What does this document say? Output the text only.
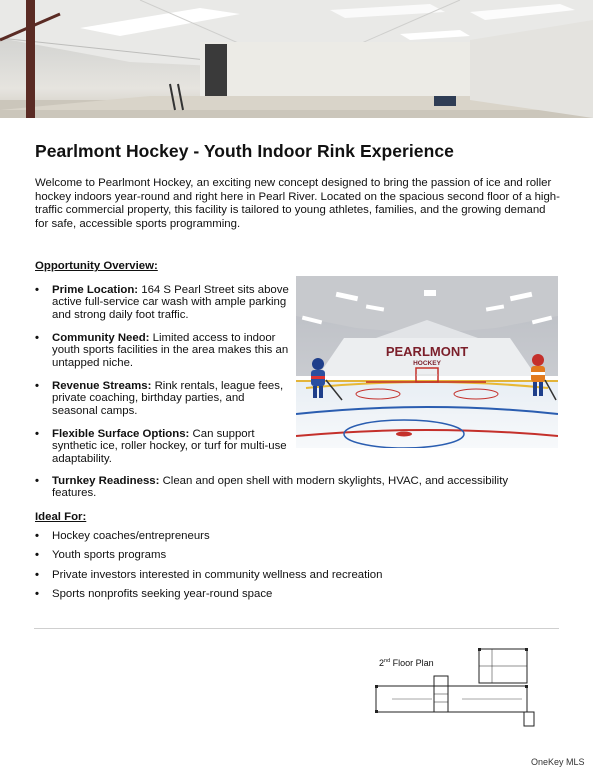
Pearlmont Hockey - Youth Indoor Rink Experience

Welcome to Pearlmont Hockey, an exciting new concept designed to bring the passion of ice and roller hockey indoors year-round and right here in Pearl River. Located on the spacious second floor of a high-traffic commercial property, this facility is tailored to young athletes, families, and the growing demand for safe, accessible sports programming.

Opportunity Overview:
• Prime Location: 164 S Pearl Street sits above
active full-service car wash with ample parking
and strong daily foot traffic.
• Community Need: Limited access to indoor
youth sports facilities in the area makes this an
untapped niche.
• Revenue Streams: Rink rentals, league fees,
private coaching, birthday parties, and
seasonal camps.
• Flexible Surface Options: Can support
synthetic ice, roller hockey, or turf for multi-use
adaptability.
• Turnkey Readiness: Clean and open shell with modern skylights, HVAC, and accessibility
features.
PEARLMONT
HOCKEY
Ideal For:
• Hockey coaches/entrepreneurs
• Youth sports programs
• Private investors interested in community wellness and recreation
• Sports nonprofits seeking year-round space
2nd Floor Plan
OneKey MLS
